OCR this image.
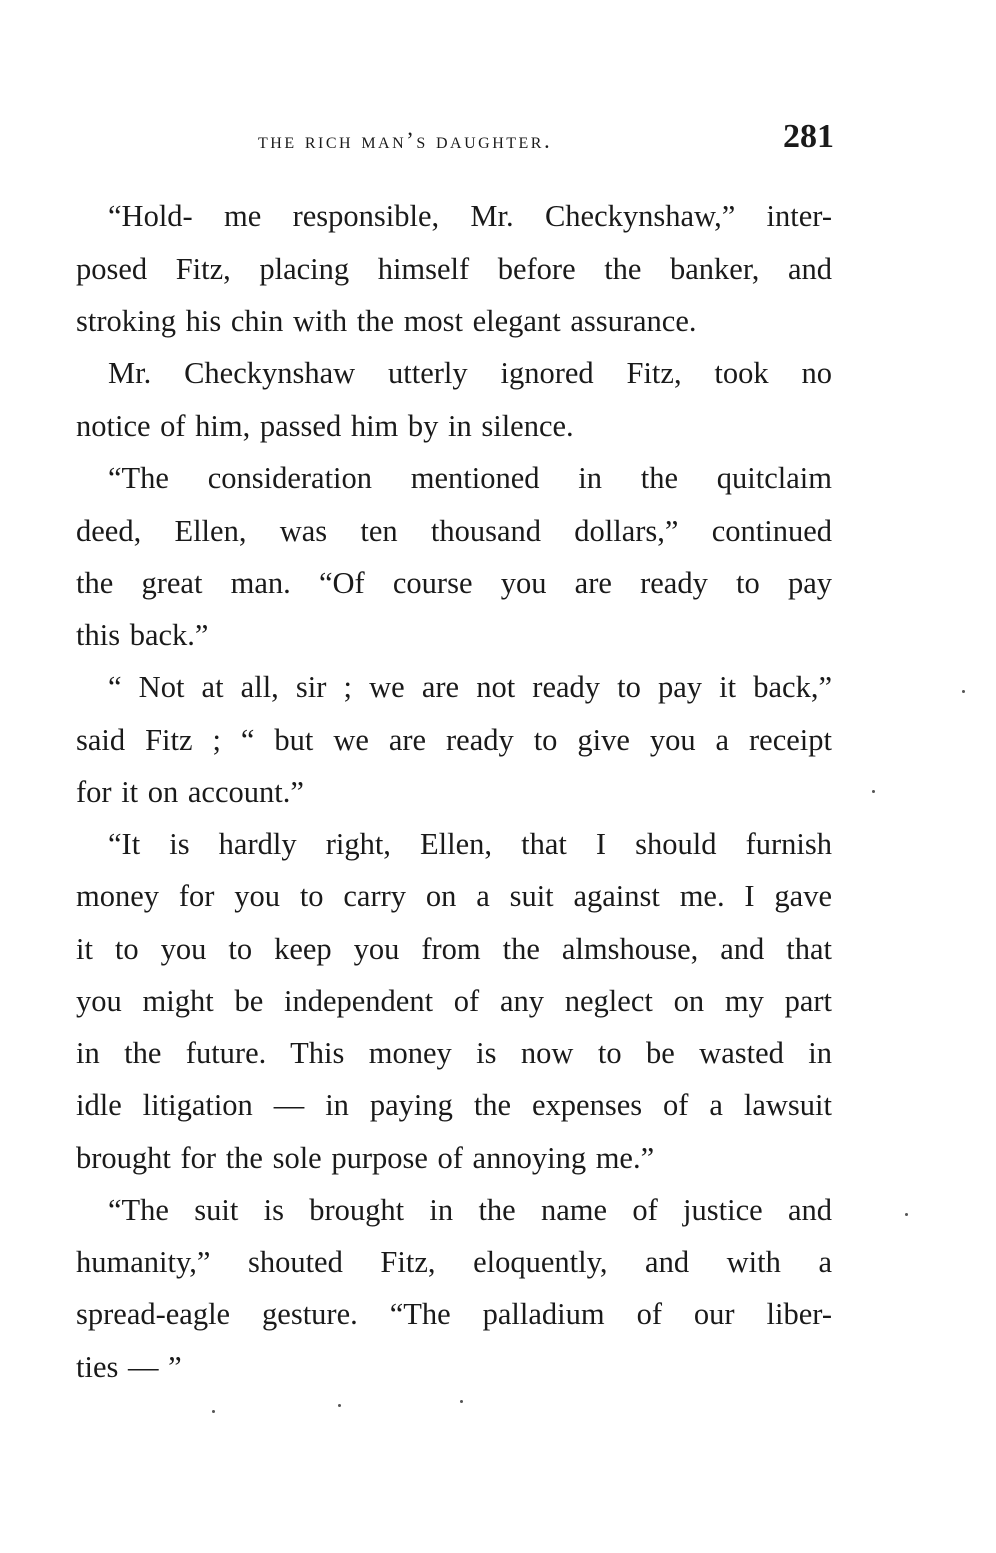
the rich man’s daughter.	281
“Hold- me responsible, Mr. Checkynshaw,” inter-
posed Fitz, placing himself before the banker, and
stroking his chin with the most elegant assurance.
Mr. Checkynshaw utterly ignored Fitz, took no
notice of him, passed him by in silence.
“The consideration mentioned in the quitclaim
deed, Ellen, was ten thousand dollars,” continued
the great man. “Of course you are ready to pay
this back.”
“ Not at all, sir ; we are not ready to pay it back,”
said Fitz ; “ but we are ready to give you a receipt
for it on account.”
“It is hardly right, Ellen, that I should furnish
money for you to carry on a suit against me. I gave
it to you to keep you from the almshouse, and that
you might be independent of any neglect on my part
in the future. This money is now to be wasted in
idle litigation — in paying the expenses of a lawsuit
brought for the sole purpose of annoying me.”
“The suit is brought in the name of justice and
humanity,” shouted Fitz, eloquently, and with a
spread-eagle gesture. “The palladium of our liber-
ties — ”
